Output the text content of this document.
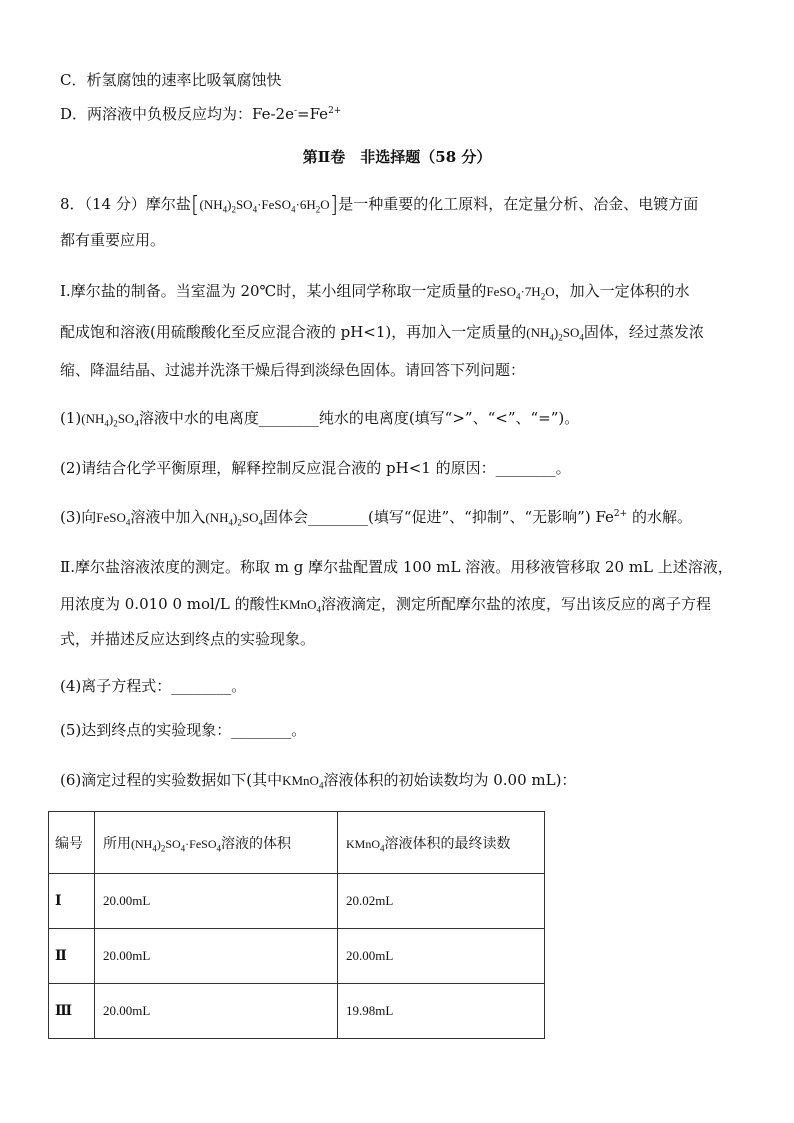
C．析氢腐蚀的速率比吸氧腐蚀快
D．两溶液中负极反应均为：$Fe-2e^-=Fe^{2+}$
第Ⅱ卷　非选择题（58 分）
8．（14 分）摩尔盐$[(NH_4)_2SO_4\cdot FeSO_4\cdot 6H_2O]$是一种重要的化工原料，在定量分析、冶金、电镀方面
都有重要应用。
Ⅰ.摩尔盐的制备。当室温为 20℃时，某小组同学称取一定质量的$FeSO_4\cdot 7H_2O$，加入一定体积的水
配成饱和溶液(用硫酸酸化至反应混合液的 pH<1)，再加入一定质量的$(NH_4)_2SO_4$固体，经过蒸发浓
缩、降温结晶、过滤并洗涤干燥后得到淡绿色固体。请回答下列问题：
$(1)(NH_4)_2SO_4$溶液中水的电离度________纯水的电离度(填写“>”、“<”、“=”)。
(2)请结合化学平衡原理，解释控制反应混合液的 pH<1 的原因：________。
(3)向FeSO$_4$溶液中加入$(NH_4)_2SO_4$固体会________(填写“促进”、“抑制”、“无影响”) $Fe^{2+}$ 的水解。
Ⅱ.摩尔盐溶液浓度的测定。称取 m g 摩尔盐配置成 100 mL 溶液。用移液管移取 20 mL 上述溶液，
用浓度为 0.010 0 mol/L 的酸性KMnO$_4$溶液滴定，测定所配摩尔盐的浓度，写出该反应的离子方程
式，并描述反应达到终点的实验现象。
(4)离子方程式：________。
(5)达到终点的实验现象：________。
(6)滴定过程的实验数据如下(其中KMnO$_4$溶液体积的初始读数均为 0.00 mL)：
编号	所用$(NH_4)_2SO_4\cdot FeSO_4$溶液的体积	KMnO$_4$溶液体积的最终读数
Ⅰ	20.00mL	20.02mL
Ⅱ	20.00mL	20.00mL
Ⅲ	20.00mL	19.98mL
